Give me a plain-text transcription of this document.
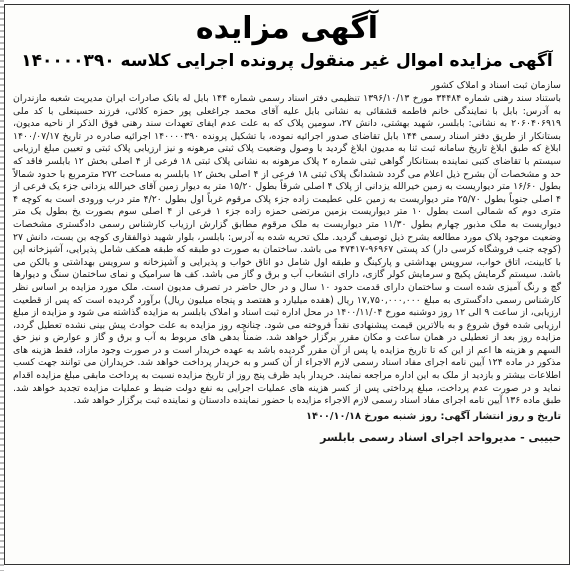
آگهی مزایده
آگهی مزایده اموال غیر منقول پرونده اجرایی کلاسه ۱۴۰۰۰۰۳۹۰

سازمان ثبت اسناد و املاک کشور

باستناد سند رهنی شماره ۳۴۴۸۴ مورخ ۱۳۹۶/۱۰/۱۳ تنظیمی دفتر اسناد رسمی شماره ۱۴۴ بابل له بانک صادرات ایران مدیریت شعبه مازندران به آدرس: بابل با نمایندگی خانم فاطمه قشقائی به نشانی بابل علیه آقای محمد جراغعلی پور حمزه کلائی، فرزند حسینعلی با کد ملی ۲۰۶۰۴۰۶۹۱۹ به نشانی: بابلسر، شهید بهشتی، دانش ۲۷، سومین پلاک که به علت عدم ایفای تعهدات سند رهنی فوق الذکر از ناحیه مدیون، بستانکار از طریق دفتر اسناد رسمی ۱۴۴ بابل تقاضای صدور اجرائیه نموده، با تشکیل پرونده ۱۴۰۰۰۰۳۹۰ اجرائیه صادره در تاریخ ۱۴۰۰/۰۷/۱۷ ابلاغ که طبق ابلاغ تاریخ سامانه ثبت ثنا به مدیون ابلاغ گردید با وصول وضعیت پلاک ثبتی مرهونه و نیز ارزیابی پلاک ثبتی و تعیین مبلغ ارزیابی سیستم با تقاضای کتبی نماینده بستانکار گواهی ثبتی شماره ۲ پلاک مرهونه به نشانی پلاک ثبتی ۱۸ فرعی از ۴ اصلی بخش ۱۲ بابلسر فاقد که حد و مشخصات آن بشرح ذیل اعلام می گردد ششدانگ پلاک ثبتی ۱۸ فرعی از ۴ اصلی بخش ۱۲ بابلسر به مساحت ۲۷۲ مترمربع با حدود شمالاً بطول ۱۶/۶۰ متر دیواریست به زمین خیرالله یزدانی از پلاک ۴ اصلی شرقاً بطول ۱۵/۲۰ متر به دیوار زمین آقای خیرالله یزدانی جزء یک فرعی از ۴ اصلی جنوباً بطول ۲۵/۷۰ متر دیواریست به زمین علی عطیمت زاده جزء پلاک مرقوم غرباً اول بطول ۴/۲۰ متر درب ورودی است به کوچه ۴ متری دوم که شمالی است بطول ۱۰ متر دیواریست بزمین مرتضی حمزه زاده جزء ۱ فرعی از ۴ اصلی سوم بصورت یخ بطول یک متر دیواریست به ملک مذبور چهارم بطول ۱۱/۳۰ متر دیواریست به ملک مرقوم مطابق گزارش ارزیاب کارشناس رسمی دادگستری مشخصات وضعیت موجود پلاک مورد مطالعه بشرح ذیل توصیف گردید. ملک تحریه شده به آدرس: بابلسر، بلوار شهید ذوالفقاری کوچه بن بست، دانش ۲۷ (کوچه جنب فروشگاه کرسی دار) کد پستی ۹۶۹۶۷-۴۷۴۱۷ می باشد. ساختمان به صورت دو طبقه که طبقه همکف شامل پذیرایی، آشپزخانه اپن با کابینت، اتاق خواب، سرویس بهداشتی و پارکینگ و طبقه اول شامل دو اتاق خواب و پذیرایی و آشپزخانه و سرویس بهداشتی و بالکن می باشد. سیستم گرمایش پکیج و سرمایش کولر گازی، دارای انشعاب آب و برق و گاز می باشد. کف ها سرامیک و نمای ساختمان سنگ و دیوارها گچ و رنگ آمیزی شده است و ساختمان دارای قدمت حدود ۱۰ سال و در حال حاضر در تصرف مدیون است. ملک مورد مزایده بر اساس نظر کارشناس رسمی دادگستری به مبلغ ۱۷,۷۵۰,۰۰۰,۰۰۰ ریال (هفده میلیارد و هفتصد و پنجاه میلیون ریال) برآورد گردیده است که پس از قطعیت ارزیابی، از ساعت ۹ الی ۱۲ روز دوشنبه مورخ ۱۴۰۰/۱۱/۰۴ در محل اداره ثبت اسناد و املاک بابلسر به مزایده گذاشته می شود و مزایده از مبلغ ارزیابی شده فوق شروع و به بالاترین قیمت پیشنهادی نقداً فروخته می شود. چنانچه روز مزایده به علت حوادث پیش بینی نشده تعطیل گردد، مزایده روز بعد از تعطیلی در همان ساعت و مکان مقرر برگزار خواهد شد. ضمناً بدهی های مربوط به آب و برق و گاز و عوارض و نیز حق السهم و هزینه ها اعم از این که تا تاریخ مزایده یا پس از آن مقرر گردیده باشد به عهده خریدار است و در صورت وجود مازاد، فقط هزینه های مذکور در ماده ۱۲۴ آیین نامه اجرای مفاد اسناد رسمی لازم الاجراء از آن کسر و به خریدار پرداخت خواهد شد. خریداران می توانند جهت کسب اطلاعات بیشتر و بازدید از ملک به این اداره مراجعه نمایند. خریدار باید ظرف پنج روز از تاریخ مزایده نسبت به پرداخت مابقی مبلغ مزایده اقدام نماید و در صورت عدم پرداخت، مبلغ پرداختی پس از کسر هزینه های عملیات اجرایی به نفع دولت ضبط و عملیات مزایده تجدید خواهد شد. طبق ماده ۱۳۶ آیین نامه اجرای مفاد اسناد رسمی لازم الاجراء مزایده با حضور نماینده دادستان و نماینده ثبت برگزار خواهد شد.

تاریخ و روز انتشار آگهی: روز شنبه مورخ ۱۴۰۰/۱۰/۱۸

حبیبی - مدیرواحد اجرای اسناد رسمی بابلسر
